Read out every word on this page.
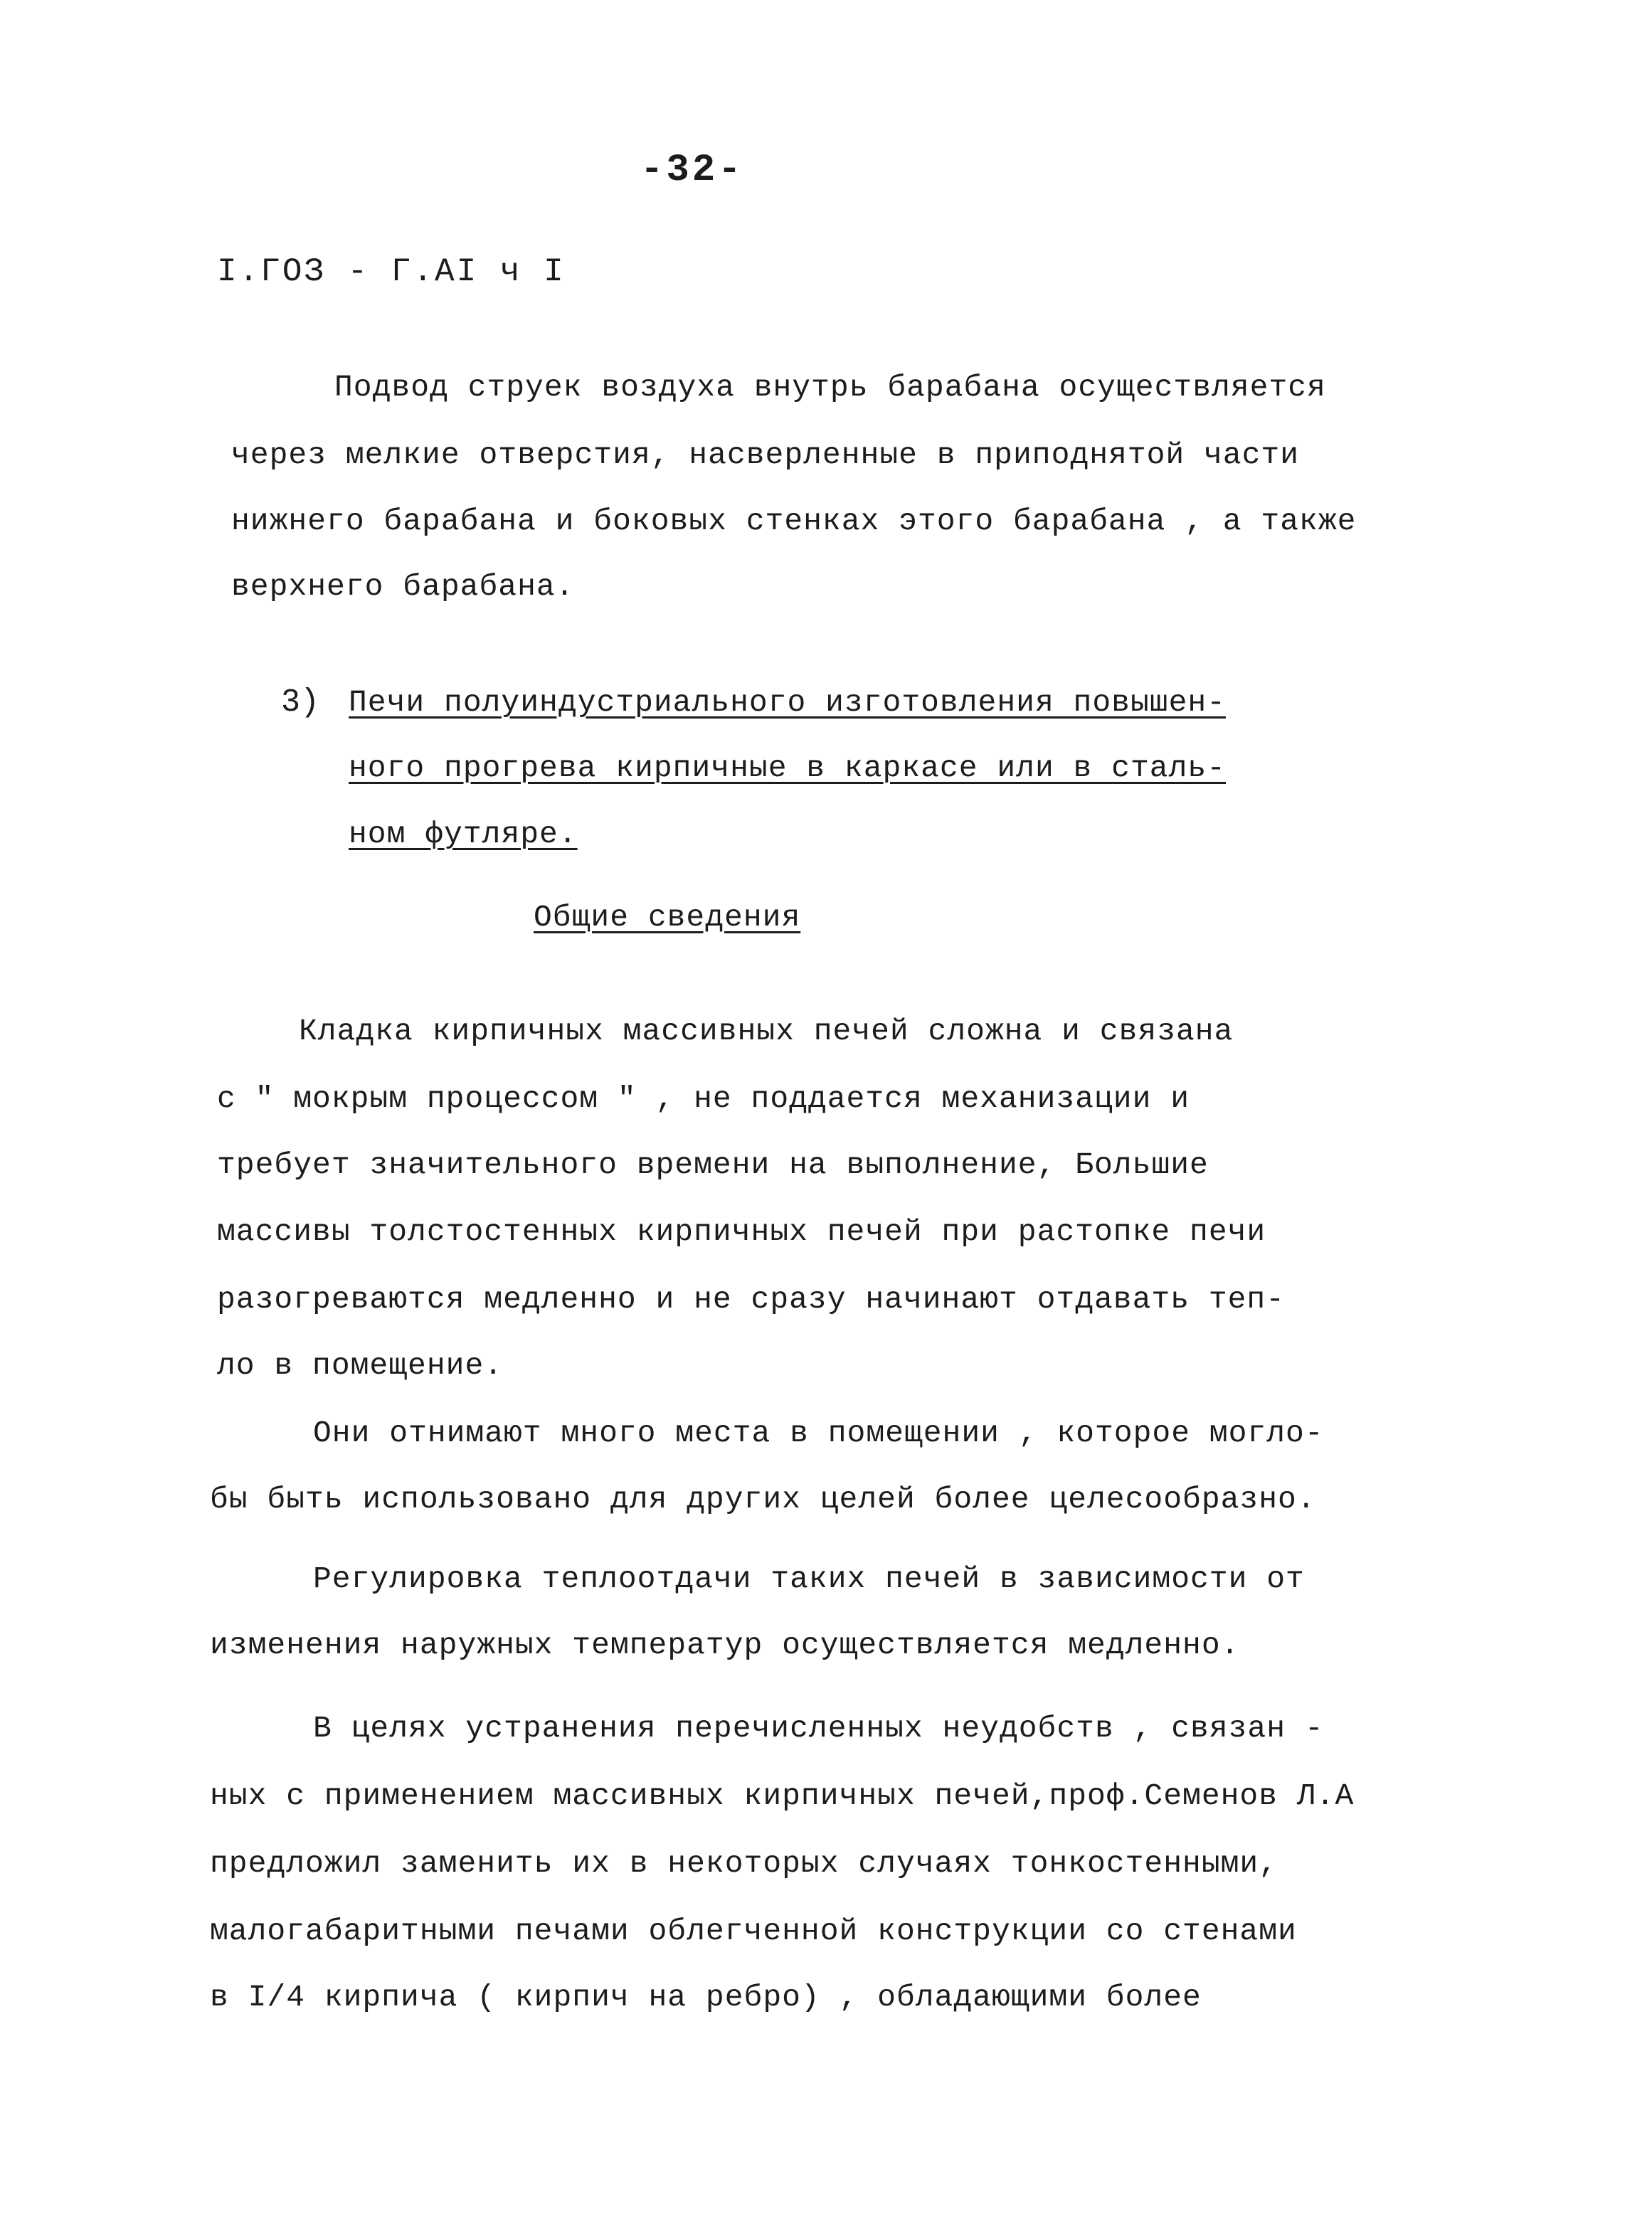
-32-
I.ГОЗ - Г.АI ч I
Подвод струек воздуха внутрь барабана осуществляется
через мелкие отверстия, насверленные в приподнятой части
нижнего барабана и боковых стенках этого барабана , а также
верхнего барабана.
3) Печи полуиндустриального изготовления повышен-
ного прогрева кирпичные в каркасе или в сталь-
ном футляре.
Общие сведения
Кладка кирпичных массивных печей сложна и связана
с " мокрым процессом " , не поддается механизации и
требует значительного времени на выполнение, Большие
массивы толстостенных кирпичных печей при растопке печи
разогреваются медленно и не сразу начинают отдавать теп-
ло в помещение.
Они отнимают много места в помещении , которое могло-
бы быть использовано для других целей более целесообразно.
Регулировка теплоотдачи таких печей в зависимости от
изменения наружных температур осуществляется медленно.
В целях устранения перечисленных неудобств , связан -
ных с применением массивных кирпичных печей,проф.Семенов Л.А
предложил заменить их в некоторых случаях тонкостенными,
малогабаритными печами облегченной конструкции со стенами
в I/4 кирпича ( кирпич на ребро) , обладающими более
